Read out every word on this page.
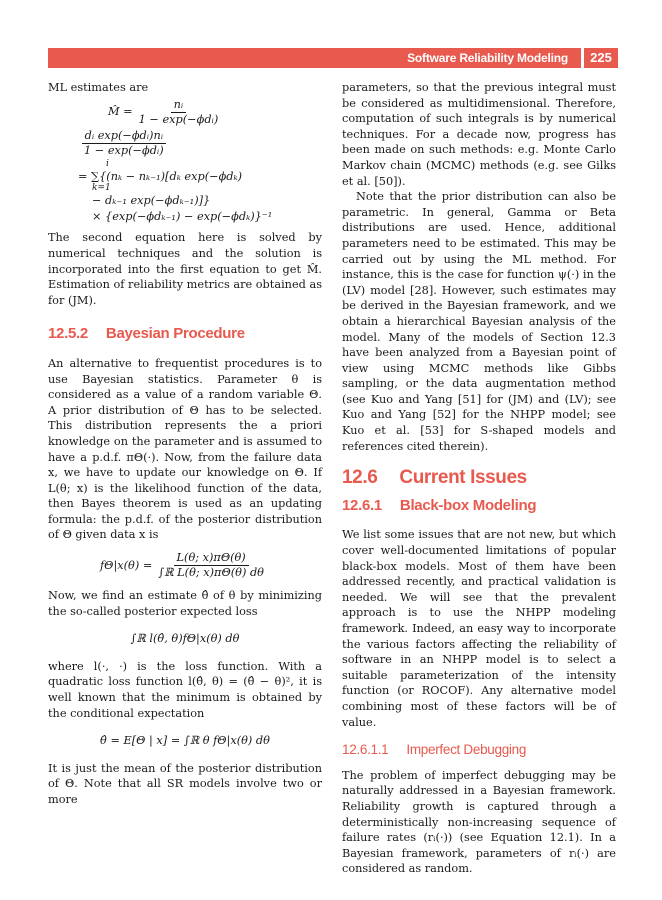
Software Reliability Modeling	225

ML estimates are

M̂ = $\frac{\text{nᵢ}}{\text{1 − exp(−ϕdᵢ)}}$
$\frac{\text{dᵢ exp(−ϕdᵢ)nᵢ}}{\text{1 − exp(−ϕdᵢ)}}$
i
= ∑{(nₖ − nₖ₋₁)[dₖ exp(−ϕdₖ)
k=1
− dₖ₋₁ exp(−ϕdₖ₋₁)]}
× {exp(−ϕdₖ₋₁) − exp(−ϕdₖ)}⁻¹

The second equation here is solved by numerical techniques and the solution is incorporated into the first equation to get M̂. Estimation of reliability metrics are obtained as for (JM).

12.5.2 Bayesian Procedure

An alternative to frequentist procedures is to use Bayesian statistics. Parameter θ is considered as a value of a random variable Θ. A prior distribution of Θ has to be selected. This distribution represents the a priori knowledge on the parameter and is assumed to have a p.d.f. πΘ(·). Now, from the failure data x, we have to update our knowledge on Θ. If L(θ; x) is the likelihood function of the data, then Bayes theorem is used as an updating formula: the p.d.f. of the posterior distribution of Θ given data x is

$f\Theta|x(\theta) = \frac{L(\theta; x)\pi\Theta(\theta)}{\text{∫ℝ L(θ; x)πΘ(θ) dθ}}$

Now, we find an estimate θ̂ of θ by minimizing the so-called posterior expected loss

∫ℝ l(θ̂, θ)fΘ|x(θ) dθ

where l(·, ·) is the loss function. With a quadratic loss function l(θ̂, θ) = (θ̂ − θ)², it is well known that the minimum is obtained by the conditional expectation

θ̂ = E[Θ | x] = ∫ℝ θ fΘ|x(θ) dθ

It is just the mean of the posterior distribution of Θ. Note that all SR models involve two or more

parameters, so that the previous integral must be considered as multidimensional. Therefore, computation of such integrals is by numerical techniques. For a decade now, progress has been made on such methods: e.g. Monte Carlo Markov chain (MCMC) methods (e.g. see Gilks et al. [50]).

Note that the prior distribution can also be parametric. In general, Gamma or Beta distributions are used. Hence, additional parameters need to be estimated. This may be carried out by using the ML method. For instance, this is the case for function ψ(·) in the (LV) model [28]. However, such estimates may be derived in the Bayesian framework, and we obtain a hierarchical Bayesian analysis of the model. Many of the models of Section 12.3 have been analyzed from a Bayesian point of view using MCMC methods like Gibbs sampling, or the data augmentation method (see Kuo and Yang [51] for (JM) and (LV); see Kuo and Yang [52] for the NHPP model; see Kuo et al. [53] for S-shaped models and references cited therein).

12.6 Current Issues
12.6.1 Black-box Modeling

We list some issues that are not new, but which cover well-documented limitations of popular black-box models. Most of them have been addressed recently, and practical validation is needed. We will see that the prevalent approach is to use the NHPP modeling framework. Indeed, an easy way to incorporate the various factors affecting the reliability of software in an NHPP model is to select a suitable parameterization of the intensity function (or ROCOF). Any alternative model combining most of these factors will be of value.

12.6.1.1 Imperfect Debugging

The problem of imperfect debugging may be naturally addressed in a Bayesian framework. Reliability growth is captured through a deterministically non-increasing sequence of failure rates (rᵢ(·)) (see Equation 12.1). In a Bayesian framework, parameters of rᵢ(·) are considered as random.
